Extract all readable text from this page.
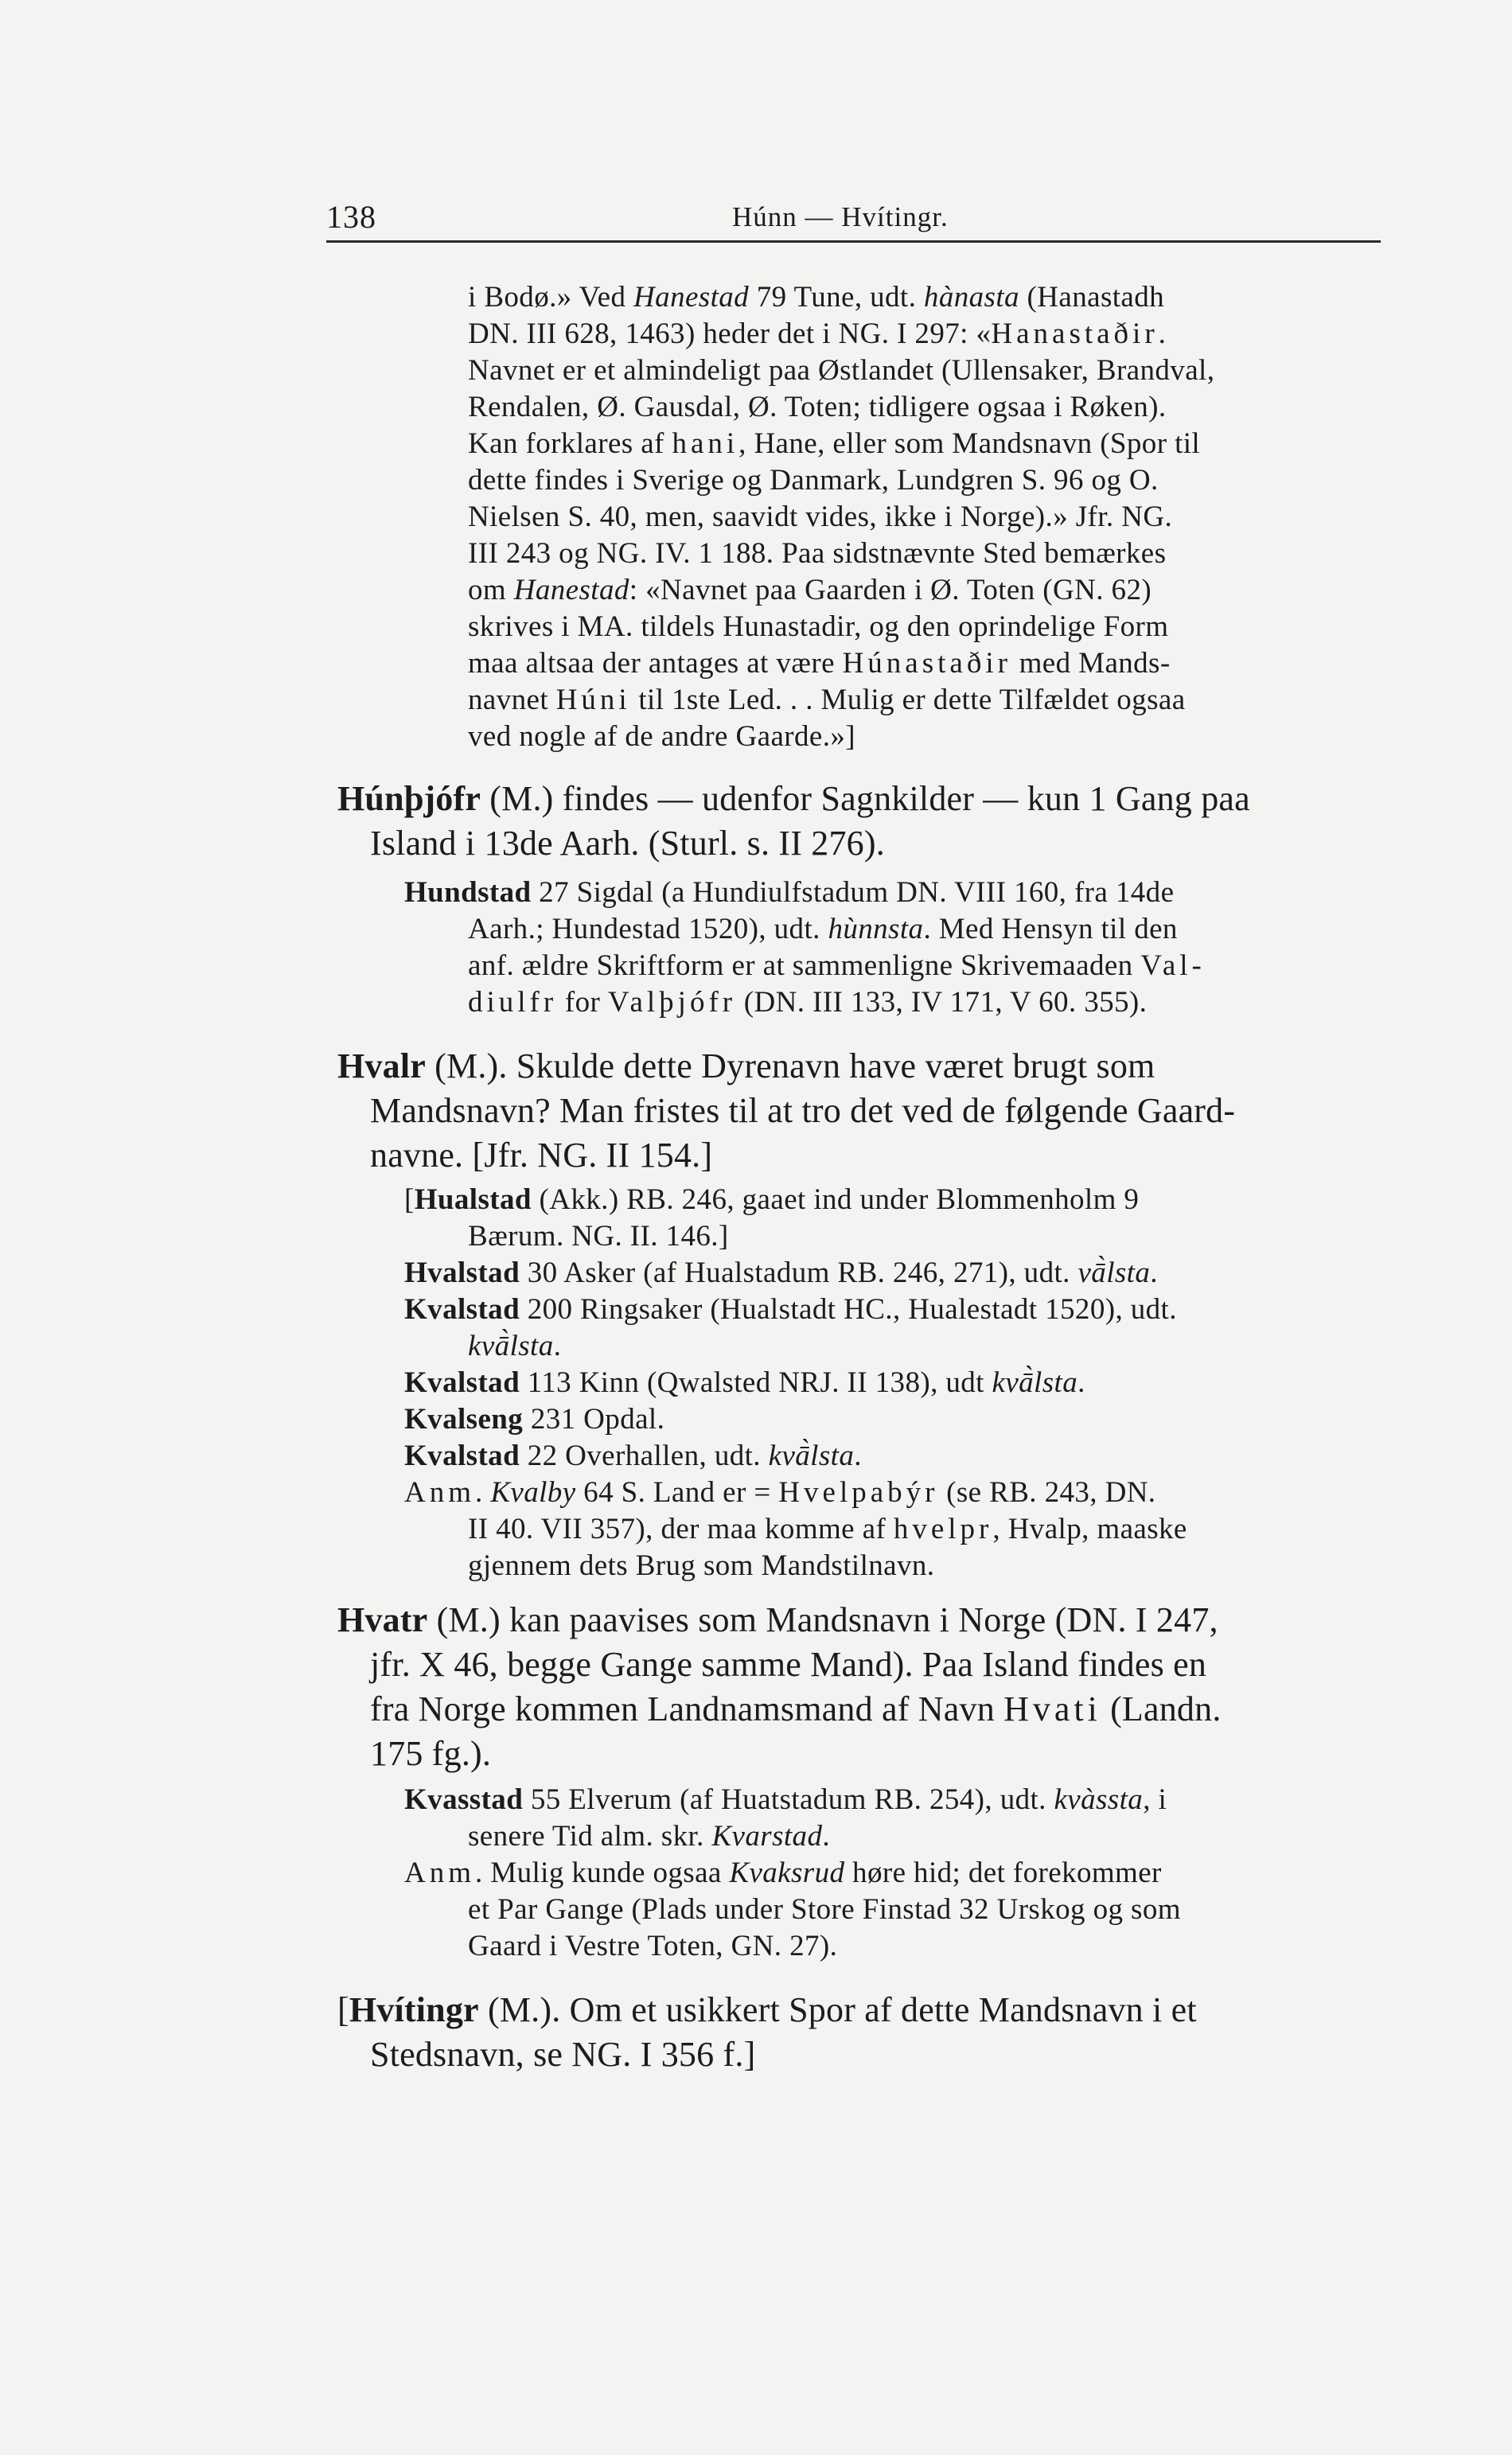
138	Húnn — Hvítingr.
i Bodø.» Ved Hanestad 79 Tune, udt. hànasta (Hanastadh
DN. III 628, 1463) heder det i NG. I 297: «Hanastaðir.
Navnet er et almindeligt paa Østlandet (Ullensaker, Brandval,
Rendalen, Ø. Gausdal, Ø. Toten; tidligere ogsaa i Røken).
Kan forklares af hani, Hane, eller som Mandsnavn (Spor til
dette findes i Sverige og Danmark, Lundgren S. 96 og O.
Nielsen S. 40, men, saavidt vides, ikke i Norge).» Jfr. NG.
III 243 og NG. IV. 1 188. Paa sidstnævnte Sted bemærkes
om Hanestad: «Navnet paa Gaarden i Ø. Toten (GN. 62)
skrives i MA. tildels Hunastadir, og den oprindelige Form
maa altsaa der antages at være Húnastaðir med Mands-
navnet Húni til 1ste Led. . . Mulig er dette Tilfældet ogsaa
ved nogle af de andre Gaarde.»]
Húnþjófr (M.) findes — udenfor Sagnkilder — kun 1 Gang paa
Island i 13de Aarh. (Sturl. s. II 276).
Hundstad 27 Sigdal (a Hundiulfstadum DN. VIII 160, fra 14de
Aarh.; Hundestad 1520), udt. hùnnsta. Med Hensyn til den
anf. ældre Skriftform er at sammenligne Skrivemaaden Val-
diulfr for Valþjófr (DN. III 133, IV 171, V 60. 355).
Hvalr (M.). Skulde dette Dyrenavn have været brugt som
Mandsnavn? Man fristes til at tro det ved de følgende Gaard-
navne. [Jfr. NG. II 154.]
[Hualstad (Akk.) RB. 246, gaaet ind under Blommenholm 9
Bærum. NG. II. 146.]
Hvalstad 30 Asker (af Hualstadum RB. 246, 271), udt. vā̀lsta.
Kvalstad 200 Ringsaker (Hualstadt HC., Hualestadt 1520), udt.
kvā̀lsta.
Kvalstad 113 Kinn (Qwalsted NRJ. II 138), udt kvā̀lsta.
Kvalseng 231 Opdal.
Kvalstad 22 Overhallen, udt. kvā̀lsta.
Anm. Kvalby 64 S. Land er = Hvelpabýr (se RB. 243, DN.
II 40. VII 357), der maa komme af hvelpr, Hvalp, maaske
gjennem dets Brug som Mandstilnavn.
Hvatr (M.) kan paavises som Mandsnavn i Norge (DN. I 247,
jfr. X 46, begge Gange samme Mand). Paa Island findes en
fra Norge kommen Landnamsmand af Navn Hvati (Landn.
175 fg.).
Kvasstad 55 Elverum (af Huatstadum RB. 254), udt. kvàssta, i
senere Tid alm. skr. Kvarstad.
Anm. Mulig kunde ogsaa Kvaksrud høre hid; det forekommer
et Par Gange (Plads under Store Finstad 32 Urskog og som
Gaard i Vestre Toten, GN. 27).
[Hvítingr (M.). Om et usikkert Spor af dette Mandsnavn i et
Stedsnavn, se NG. I 356 f.]
